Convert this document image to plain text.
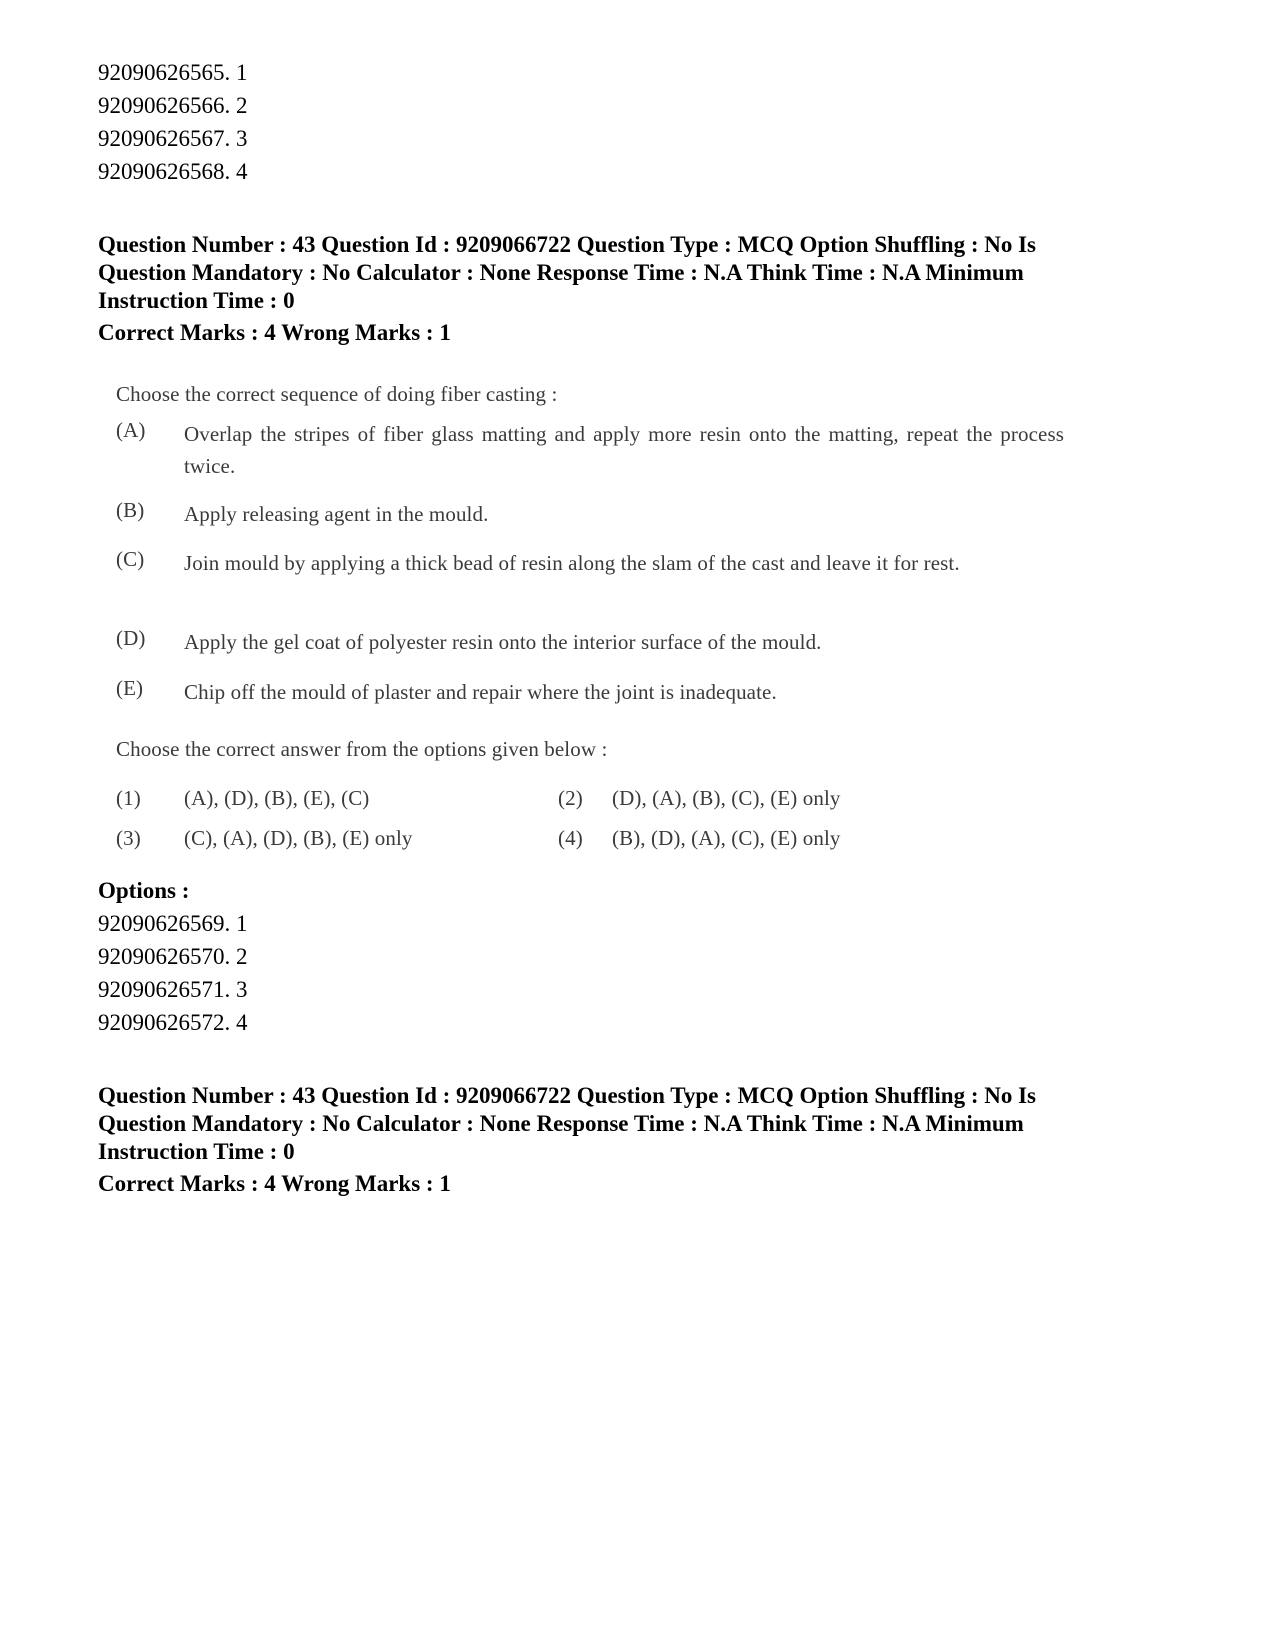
92090626565. 1
92090626566. 2
92090626567. 3
92090626568. 4
Question Number : 43 Question Id : 9209066722 Question Type : MCQ Option Shuffling : No Is
Question Mandatory : No Calculator : None Response Time : N.A Think Time : N.A Minimum
Instruction Time : 0
Correct Marks : 4 Wrong Marks : 1
Choose the correct sequence of doing fiber casting :
(A) Overlap the stripes of fiber glass matting and apply more resin onto the matting, repeat the process twice.
(B) Apply releasing agent in the mould.
(C) Join mould by applying a thick bead of resin along the slam of the cast and leave it for rest.
(D) Apply the gel coat of polyester resin onto the interior surface of the mould.
(E) Chip off the mould of plaster and repair where the joint is inadequate.
Choose the correct answer from the options given below :
(1) (A), (D), (B), (E), (C)	(2) (D), (A), (B), (C), (E) only
(3) (C), (A), (D), (B), (E) only	(4) (B), (D), (A), (C), (E) only
Options :
92090626569. 1
92090626570. 2
92090626571. 3
92090626572. 4
Question Number : 43 Question Id : 9209066722 Question Type : MCQ Option Shuffling : No Is
Question Mandatory : No Calculator : None Response Time : N.A Think Time : N.A Minimum
Instruction Time : 0
Correct Marks : 4 Wrong Marks : 1
